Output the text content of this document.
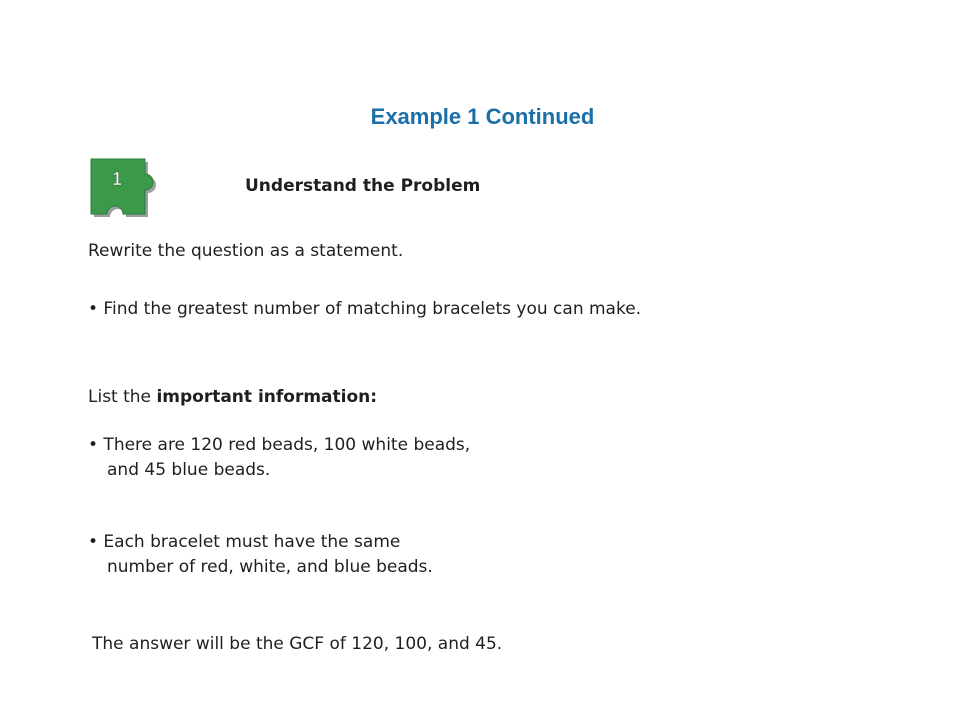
Example 1 Continued
1	Understand the Problem
Rewrite the question as a statement.
• Find the greatest number of matching bracelets you can make.
List the important information:
• There are 120 red beads, 100 white beads,
and 45 blue beads.
• Each bracelet must have the same
number of red, white, and blue beads.
The answer will be the GCF of 120, 100, and 45.
